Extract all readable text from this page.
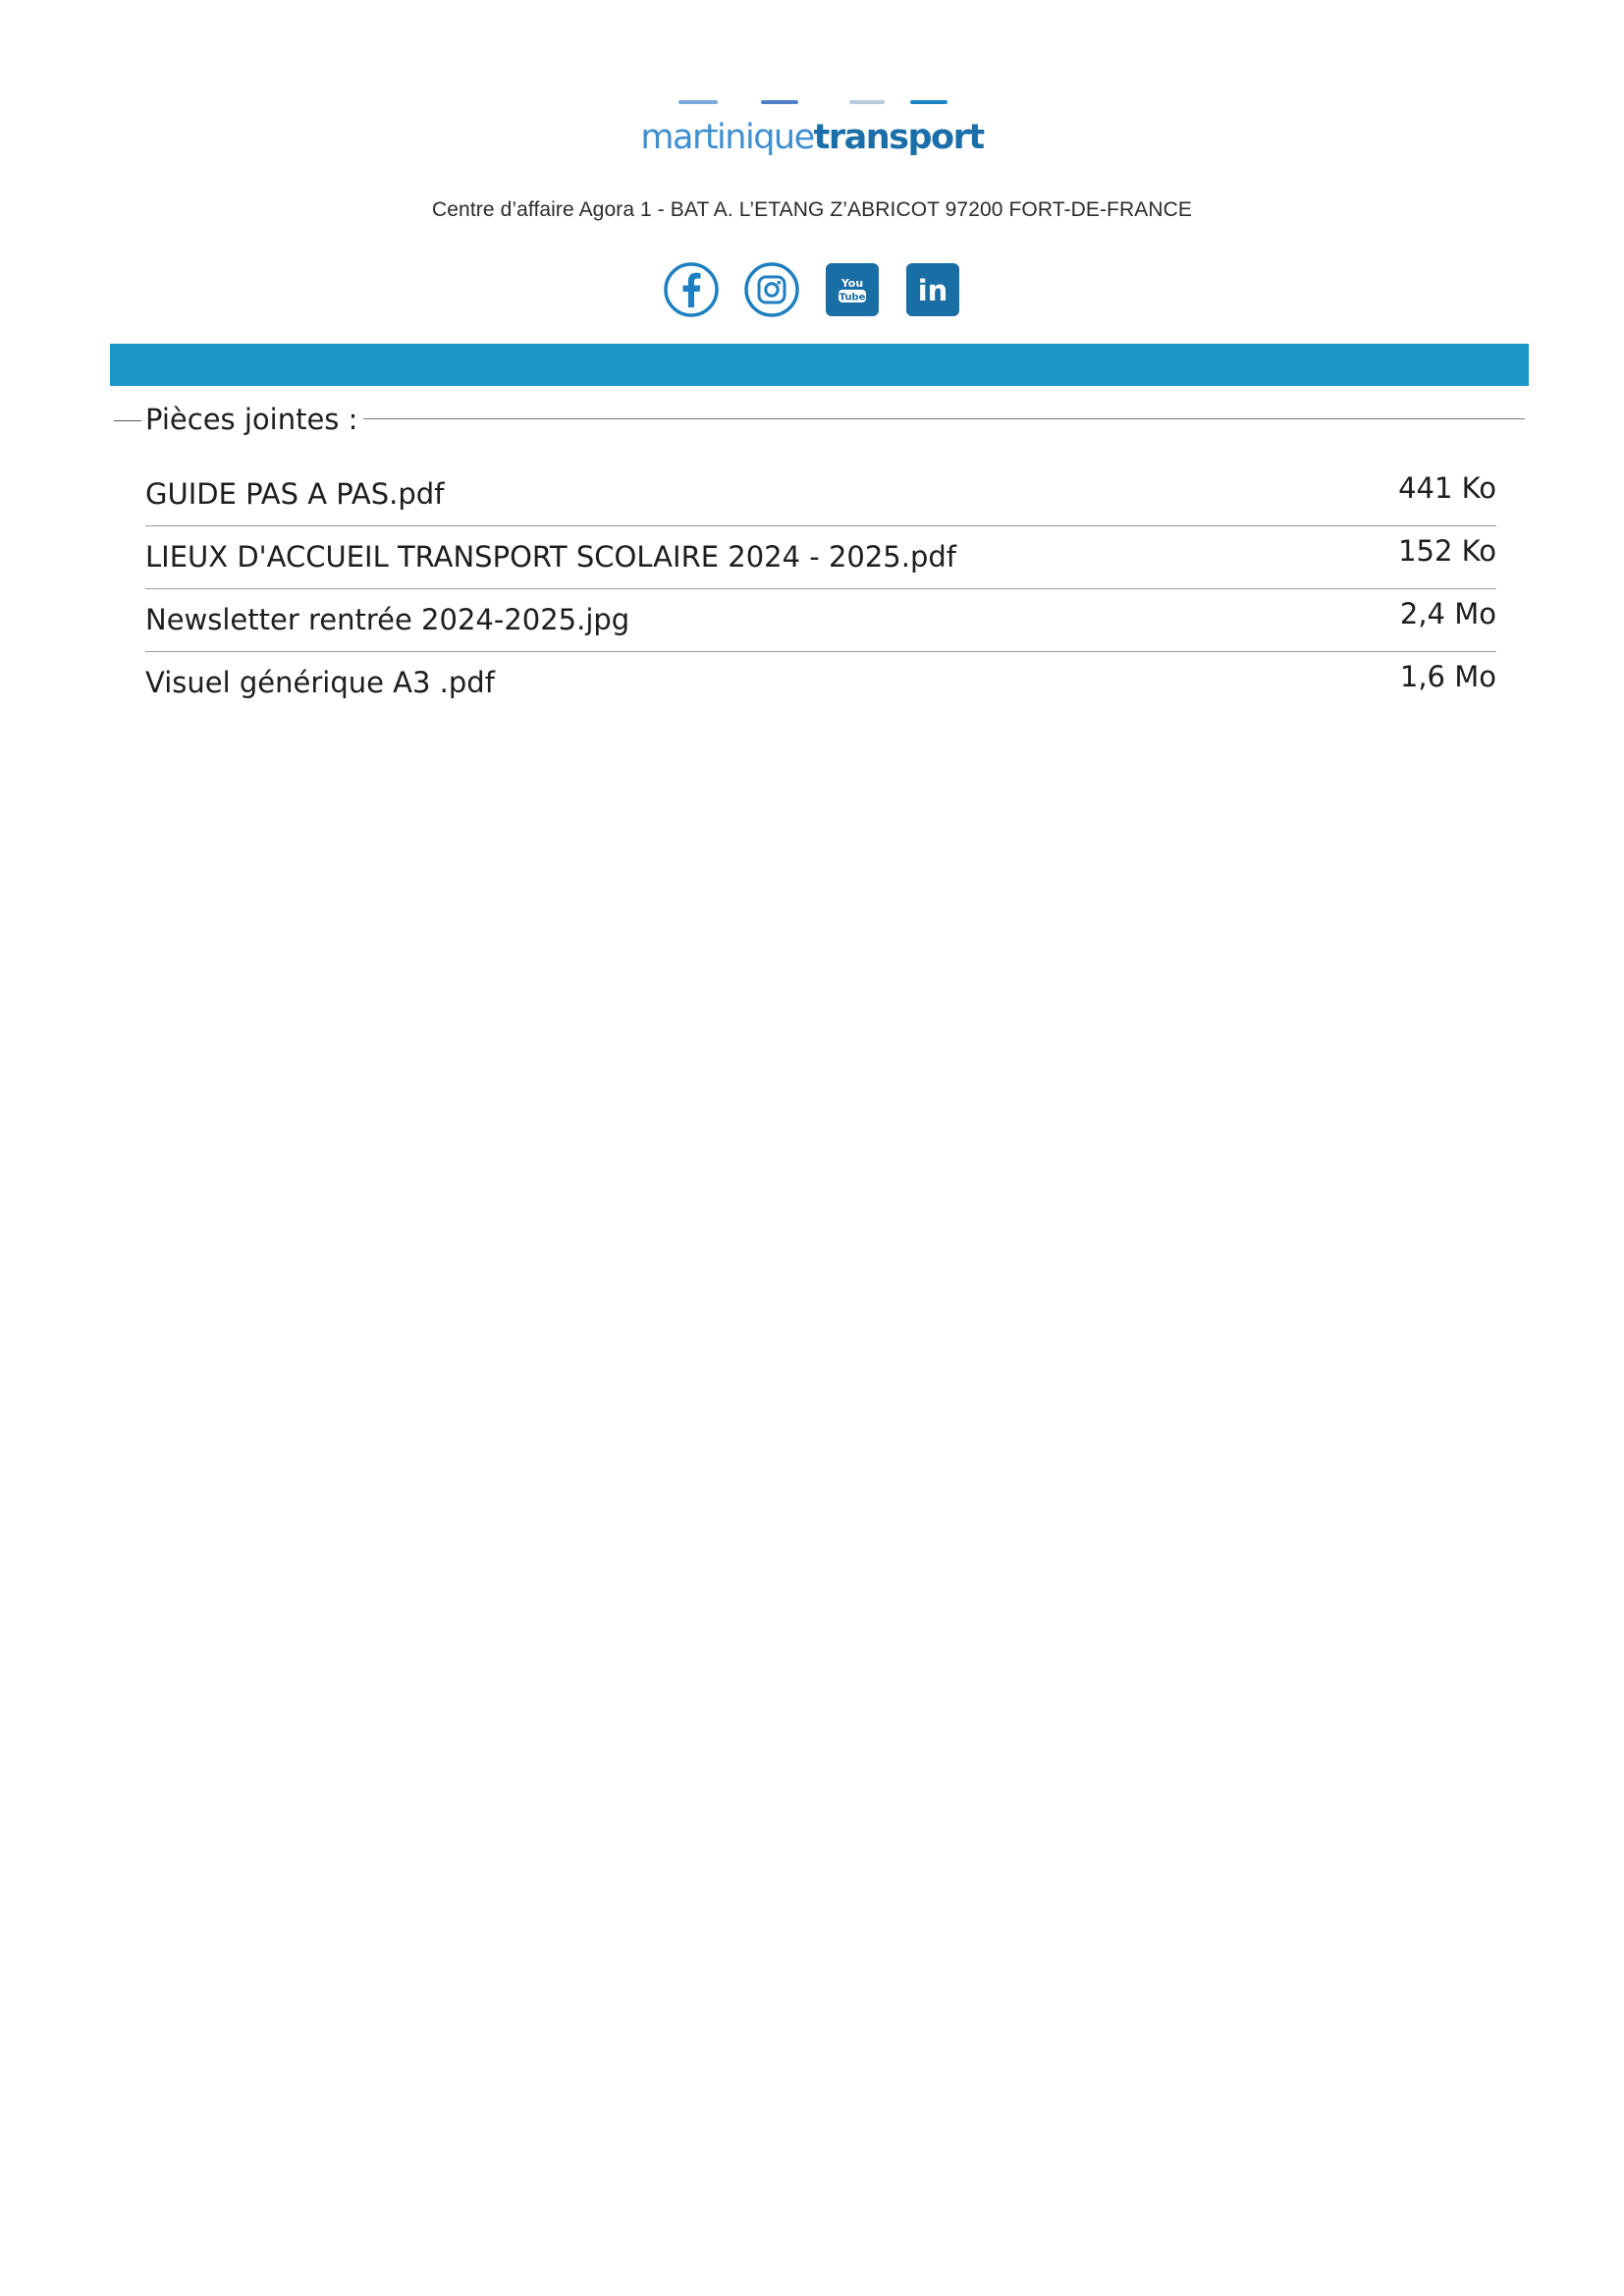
martiniquetransport
Centre d’affaire Agora 1 - BAT A. L’ETANG Z’ABRICOT 97200 FORT-DE-FRANCE

You
Tube
in
Pièces jointes :
GUIDE PAS A PAS.pdf	441 Ko
LIEUX D'ACCUEIL TRANSPORT SCOLAIRE 2024 - 2025.pdf	152 Ko
Newsletter rentrée 2024-2025.jpg	2,4 Mo
Visuel générique A3 .pdf	1,6 Mo
